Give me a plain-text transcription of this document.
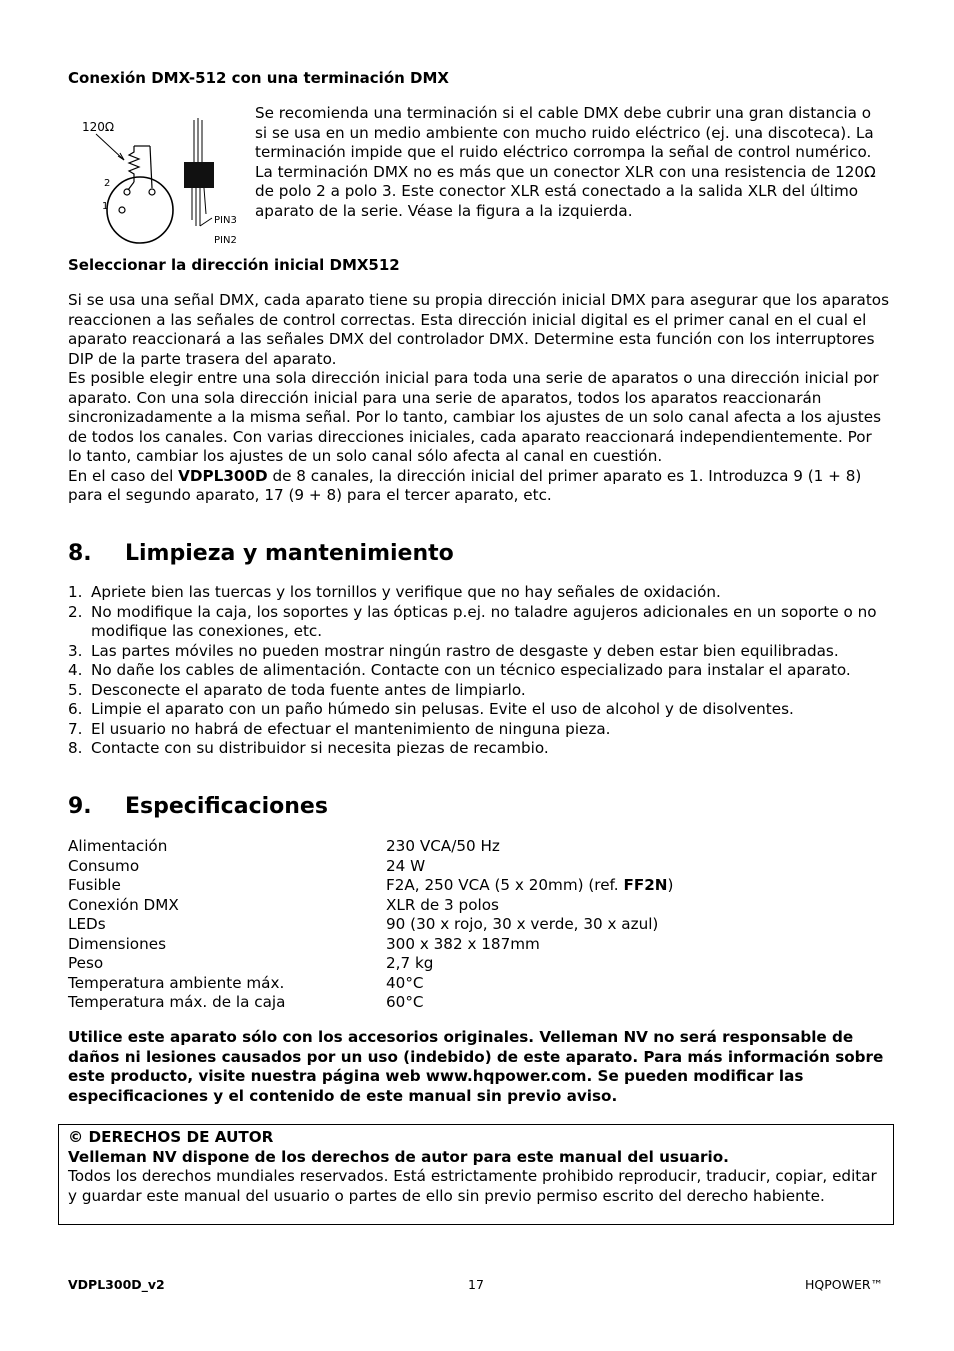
Conexión DMX-512 con una terminación DMX
120Ω
2
1
PIN3
PIN2

Se recomienda una terminación si el cable DMX debe cubrir una gran distancia o si se usa en un medio ambiente con mucho ruido eléctrico (ej. una discoteca). La terminación impide que el ruido eléctrico corrompa la señal de control numérico. La terminación DMX no es más que un conector XLR con una resistencia de 120Ω de polo 2 a polo 3. Este conector XLR está conectado a la salida XLR del último aparato de la serie. Véase la figura a la izquierda.

Seleccionar la dirección inicial DMX512

Si se usa una señal DMX, cada aparato tiene su propia dirección inicial DMX para asegurar que los aparatos reaccionen a las señales de control correctas. Esta dirección inicial digital es el primer canal en el cual el aparato reaccionará a las señales DMX del controlador DMX. Determine esta función con los interruptores DIP de la parte trasera del aparato.

Es posible elegir entre una sola dirección inicial para toda una serie de aparatos o una dirección inicial por aparato. Con una sola dirección inicial para una serie de aparatos, todos los aparatos reaccionarán sincronizadamente a la misma señal. Por lo tanto, cambiar los ajustes de un solo canal afecta a los ajustes de todos los canales. Con varias direcciones iniciales, cada aparato reaccionará independientemente. Por lo tanto, cambiar los ajustes de un solo canal sólo afecta al canal en cuestión.

En el caso del VDPL300D de 8 canales, la dirección inicial del primer aparato es 1. Introduzca 9 (1 + 8) para el segundo aparato, 17 (9 + 8) para el tercer aparato, etc.

8. Limpieza y mantenimiento
1. Apriete bien las tuercas y los tornillos y verifique que no hay señales de oxidación.
2. No modifique la caja, los soportes y las ópticas p.ej. no taladre agujeros adicionales en un soporte o no modifique las conexiones, etc.
3. Las partes móviles no pueden mostrar ningún rastro de desgaste y deben estar bien equilibradas.
4. No dañe los cables de alimentación. Contacte con un técnico especializado para instalar el aparato.
5. Desconecte el aparato de toda fuente antes de limpiarlo.
6. Limpie el aparato con un paño húmedo sin pelusas. Evite el uso de alcohol y de disolventes.
7. El usuario no habrá de efectuar el mantenimiento de ninguna pieza.
8. Contacte con su distribuidor si necesita piezas de recambio.
9. Especificaciones
Alimentación	230 VCA/50 Hz
Consumo	24 W
Fusible	F2A, 250 VCA (5 x 20mm) (ref. FF2N)
Conexión DMX	XLR de 3 polos
LEDs	90 (30 x rojo, 30 x verde, 30 x azul)
Dimensiones	300 x 382 x 187mm
Peso	2,7 kg
Temperatura ambiente máx.	40°C
Temperatura máx. de la caja	60°C

Utilice este aparato sólo con los accesorios originales. Velleman NV no será responsable de daños ni lesiones causados por un uso (indebido) de este aparato. Para más información sobre este producto, visite nuestra página web www.hqpower.com. Se pueden modificar las especificaciones y el contenido de este manual sin previo aviso.

© DERECHOS DE AUTOR

Velleman NV dispone de los derechos de autor para este manual del usuario.

Todos los derechos mundiales reservados. Está estrictamente prohibido reproducir, traducir, copiar, editar y guardar este manual del usuario o partes de ello sin previo permiso escrito del derecho habiente.

VDPL300D_v2	17	HQPOWER™
